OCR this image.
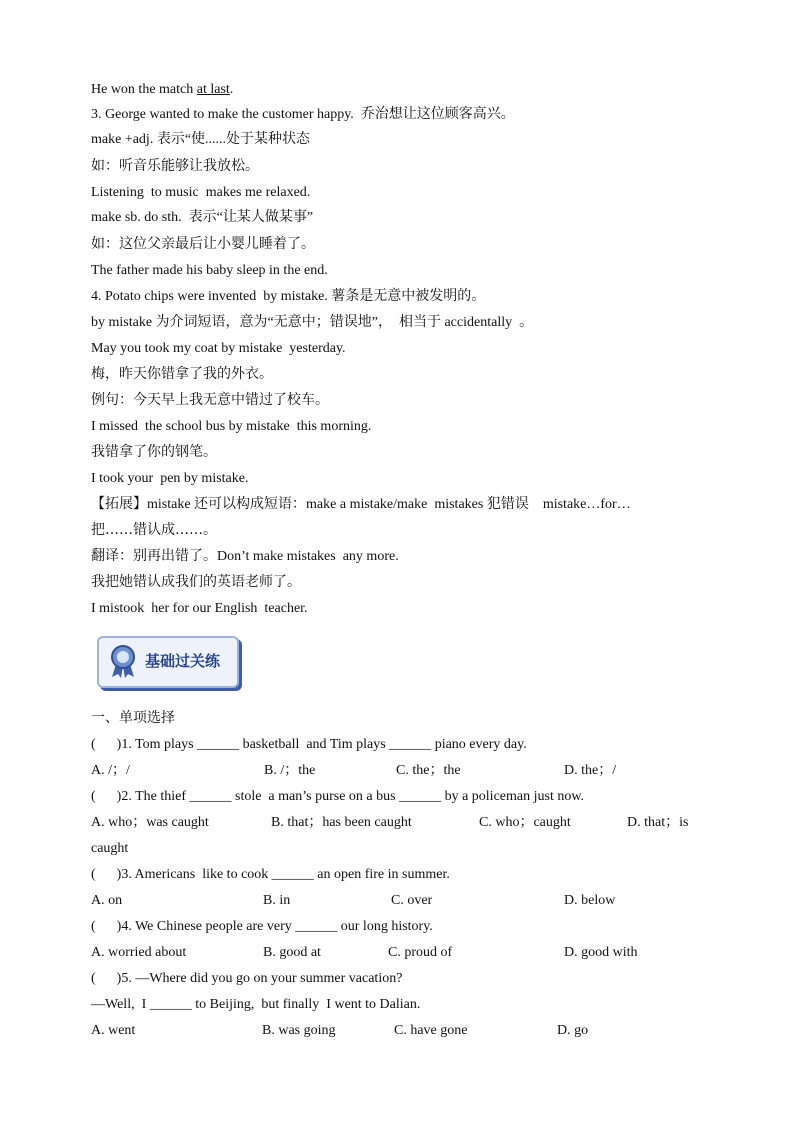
He won the match at last.
3. George wanted to make the customer happy.  乔治想让这位顾客高兴。
make +adj. 表示“使......处于某种状态
如：听音乐能够让我放松。
Listening  to music  makes me relaxed.
make sb. do sth.  表示“让某人做某事”
如：这位父亲最后让小婴儿睡着了。
The father made his baby sleep in the end.
4. Potato chips were invented  by mistake. 薯条是无意中被发明的。
by mistake 为介词短语，意为“无意中；错误地”，  相当于 accidentally  。
May you took my coat by mistake  yesterday.
梅，昨天你错拿了我的外衣。
例句：今天早上我无意中错过了校车。
I missed  the school bus by mistake  this morning.
我错拿了你的钢笔。
I took your  pen by mistake.
【拓展】mistake 还可以构成短语：make a mistake/make  mistakes 犯错误    mistake…for…
把……错认成……。
翻译：别再出错了。Don’t make mistakes  any more.
我把她错认成我们的英语老师了。
I mistook  her for our English  teacher.
基础过关练
一、单项选择
(      )1. Tom plays ______ basketball  and Tim plays ______ piano every day.
A. /；/	B. /；the	C. the；the	D. the；/
(      )2. The thief ______ stole  a man’s purse on a bus ______ by a policeman just now.
A. who；was caught	B. that；has been caught	C. who；caught	D. that；is
caught
(      )3. Americans  like to cook ______ an open fire in summer.
A. on	B. in	C. over	D. below
(      )4. We Chinese people are very ______ our long history.
A. worried about	B. good at	C. proud of	D. good with
(      )5. —Where did you go on your summer vacation?
—Well,  I ______ to Beijing,  but finally  I went to Dalian.
A. went	B. was going	C. have gone	D. go
